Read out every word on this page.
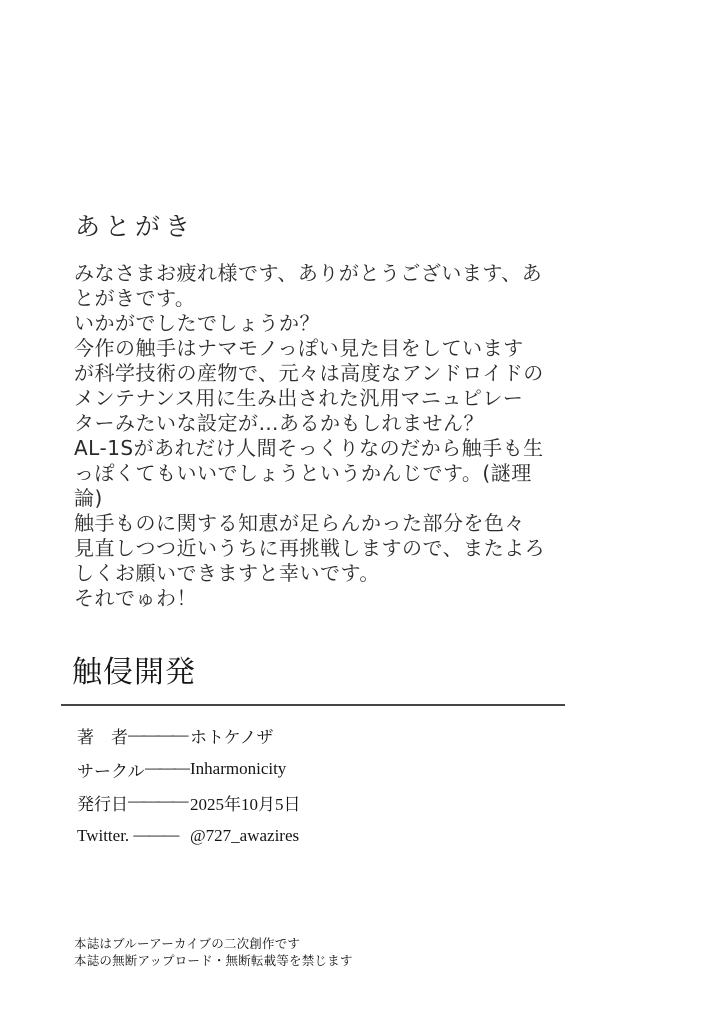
あとがき
みなさまお疲れ様です、ありがとうございます、あ
とがきです。
いかがでしたでしょうか？
今作の触手はナマモノっぽい見た目をしています
が科学技術の産物で、元々は高度なアンドロイドの
メンテナンス用に生み出された汎用マニュピレー
ターみたいな設定が…あるかもしれません？
AL-1Sがあれだけ人間そっくりなのだから触手も生
っぽくてもいいでしょうというかんじです。(謎理
論)
触手ものに関する知恵が足らんかった部分を色々
見直しつつ近いうちに再挑戦しますので、またよろ
しくお願いできますと幸いです。
それでゅわ！
触侵開発
著　者 ———— ホトケノザ
サークル ——— Inharmonicity
発行日 ———— 2025年10月5日
Twitter. ——— @727_awazires
本誌はブルーアーカイブの二次創作です
本誌の無断アップロード・無断転載等を禁じます
